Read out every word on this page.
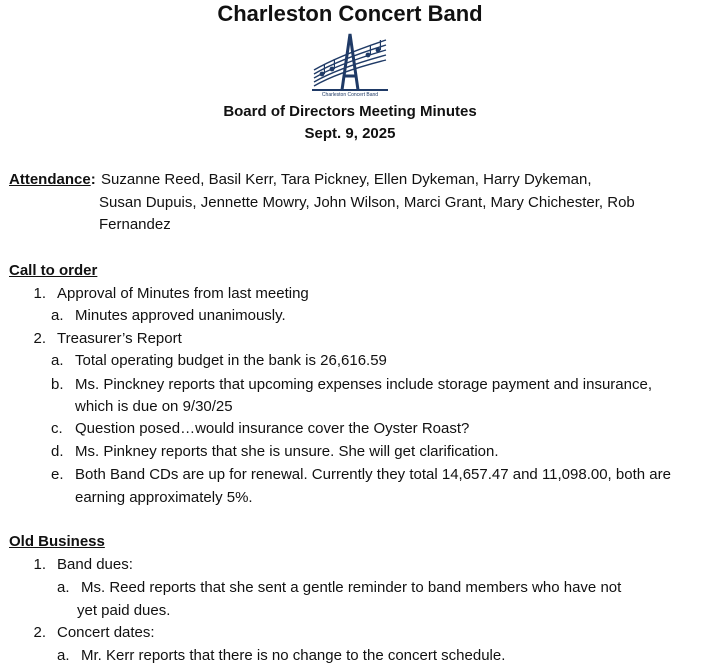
Charleston Concert Band
Charleston Concert Band
Board of Directors Meeting Minutes
Sept. 9, 2025
Attendance: Suzanne Reed, Basil Kerr, Tara Pickney, Ellen Dykeman, Harry Dykeman,
Susan Dupuis, Jennette Mowry, John Wilson, Marci Grant, Mary Chichester, Rob
Fernandez
Call to order
1. Approval of Minutes from last meeting
a. Minutes approved unanimously.
2. Treasurer’s Report
a. Total operating budget in the bank is 26,616.59
b. Ms. Pinckney reports that upcoming expenses include storage payment and insurance,
which is due on 9/30/25
c. Question posed…would insurance cover the Oyster Roast?
d. Ms. Pinkney reports that she is unsure. She will get clarification.
e. Both Band CDs are up for renewal. Currently they total 14,657.47 and 11,098.00, both are
earning approximately 5%.
Old Business
1. Band dues:
a. Ms. Reed reports that she sent a gentle reminder to band members who have not
yet paid dues.
2. Concert dates:
a. Mr. Kerr reports that there is no change to the concert schedule.
